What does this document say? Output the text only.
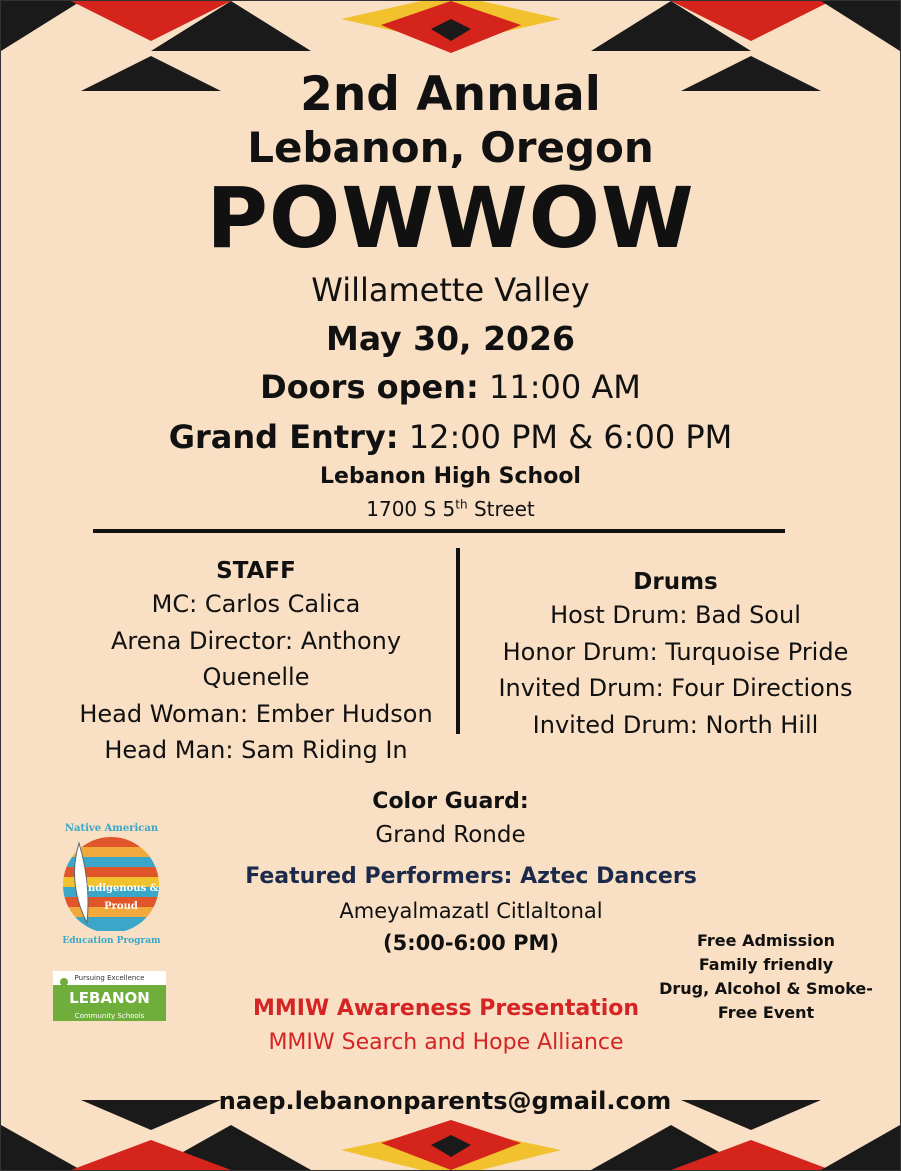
2nd Annual

Lebanon, Oregon

POWWOW

Willamette Valley

May 30, 2026

Doors open: 11:00 AM

Grand Entry: 12:00 PM & 6:00 PM

Lebanon High School

1700 S 5th Street

STAFF
MC: Carlos Calica
Arena Director: Anthony
Quenelle
Head Woman: Ember Hudson
Head Man: Sam Riding In
Drums
Host Drum: Bad Soul
Honor Drum: Turquoise Pride
Invited Drum: Four Directions
Invited Drum: North Hill

Color Guard:

Grand Ronde

Featured Performers: Aztec Dancers

Ameyalmazatl Citlaltonal

(5:00-6:00 PM)	Free Admission
Family friendly
Drug, Alcohol & Smoke-
Free Event

MMIW Awareness Presentation

MMIW Search and Hope Alliance

naep.lebanonparents@gmail.com

Native American
Indigenous &
Proud
Education Program
Pursuing Excellence
LEBANON
Community Schools
